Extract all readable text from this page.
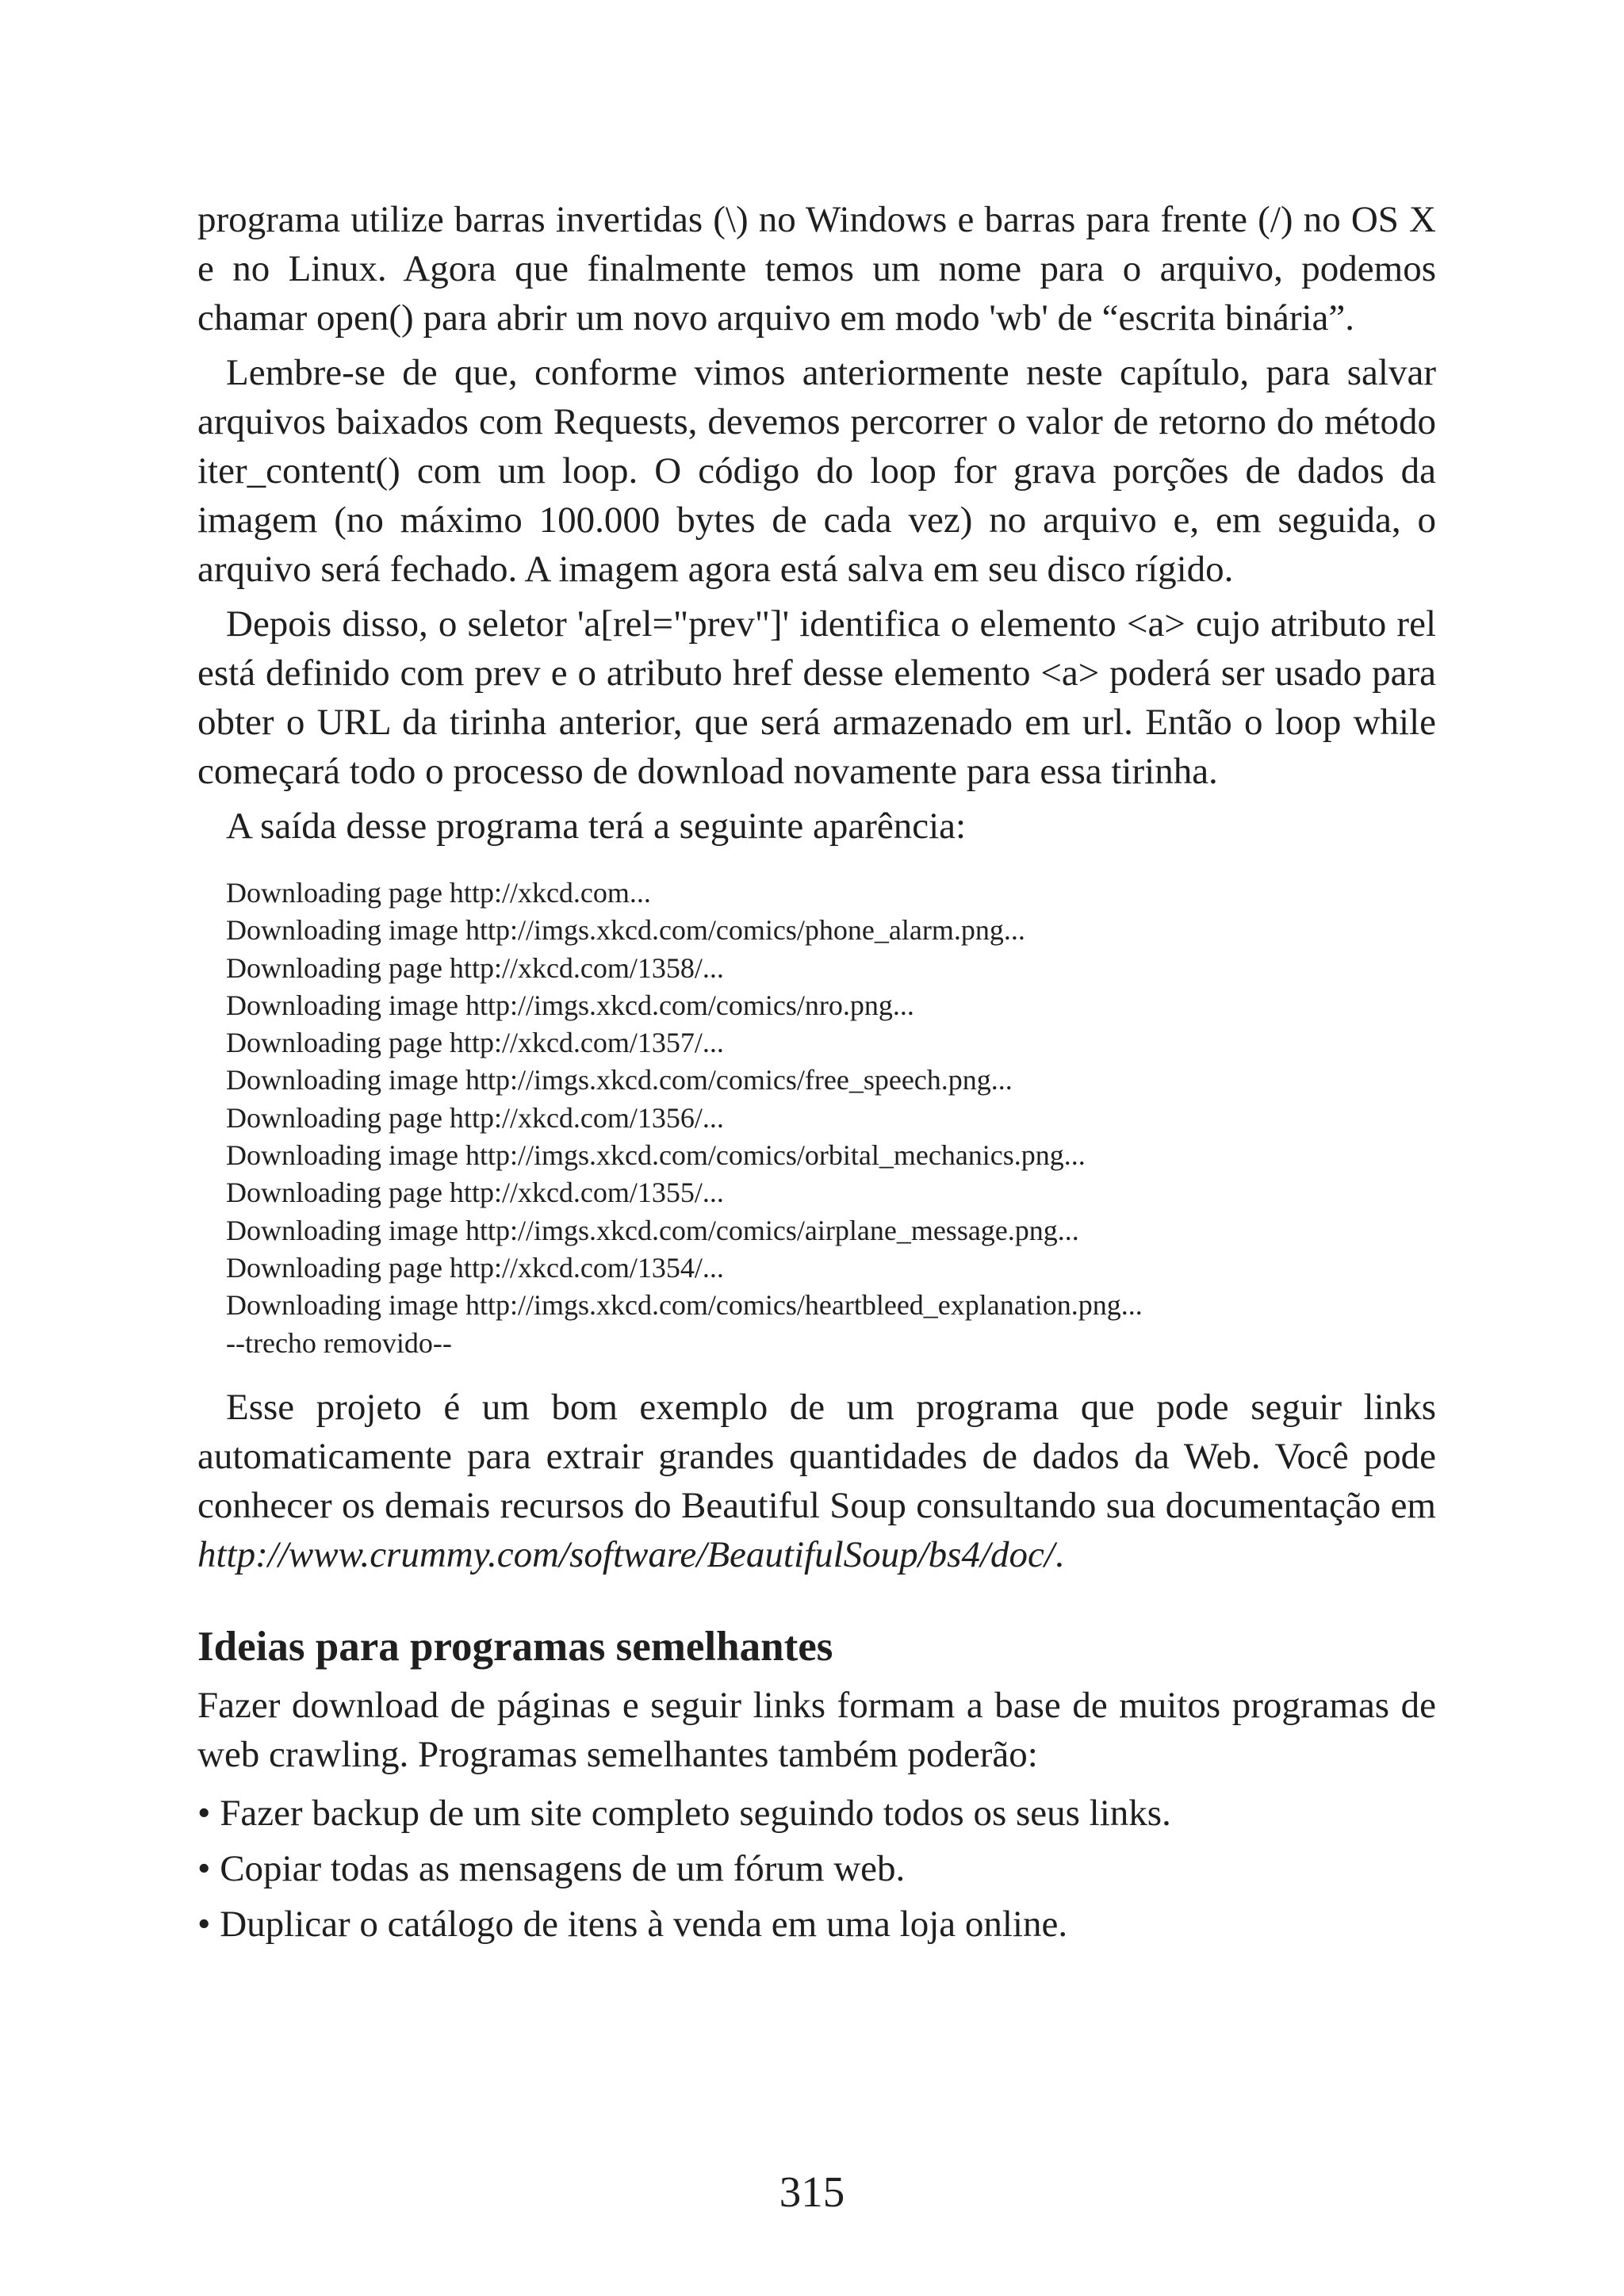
programa utilize barras invertidas (\) no Windows e barras para frente (/) no OS X e no Linux. Agora que finalmente temos um nome para o arquivo, podemos chamar open() para abrir um novo arquivo em modo 'wb' de “escrita binária”.

Lembre-se de que, conforme vimos anteriormente neste capítulo, para salvar arquivos baixados com Requests, devemos percorrer o valor de retorno do método iter_content() com um loop. O código do loop for grava porções de dados da imagem (no máximo 100.000 bytes de cada vez) no arquivo e, em seguida, o arquivo será fechado. A imagem agora está salva em seu disco rígido.

Depois disso, o seletor 'a[rel="prev"]' identifica o elemento <a> cujo atributo rel está definido com prev e o atributo href desse elemento <a> poderá ser usado para obter o URL da tirinha anterior, que será armazenado em url. Então o loop while começará todo o processo de download novamente para essa tirinha.

A saída desse programa terá a seguinte aparência:

Downloading page http://xkcd.com...
Downloading image http://imgs.xkcd.com/comics/phone_alarm.png...
Downloading page http://xkcd.com/1358/...
Downloading image http://imgs.xkcd.com/comics/nro.png...
Downloading page http://xkcd.com/1357/...
Downloading image http://imgs.xkcd.com/comics/free_speech.png...
Downloading page http://xkcd.com/1356/...
Downloading image http://imgs.xkcd.com/comics/orbital_mechanics.png...
Downloading page http://xkcd.com/1355/...
Downloading image http://imgs.xkcd.com/comics/airplane_message.png...
Downloading page http://xkcd.com/1354/...
Downloading image http://imgs.xkcd.com/comics/heartbleed_explanation.png...
--trecho removido--

Esse projeto é um bom exemplo de um programa que pode seguir links automaticamente para extrair grandes quantidades de dados da Web. Você pode conhecer os demais recursos do Beautiful Soup consultando sua documentação em http://www.crummy.com/software/BeautifulSoup/bs4/doc/.

Ideias para programas semelhantes

Fazer download de páginas e seguir links formam a base de muitos programas de web crawling. Programas semelhantes também poderão:

• Fazer backup de um site completo seguindo todos os seus links.
• Copiar todas as mensagens de um fórum web.
• Duplicar o catálogo de itens à venda em uma loja online.
315
